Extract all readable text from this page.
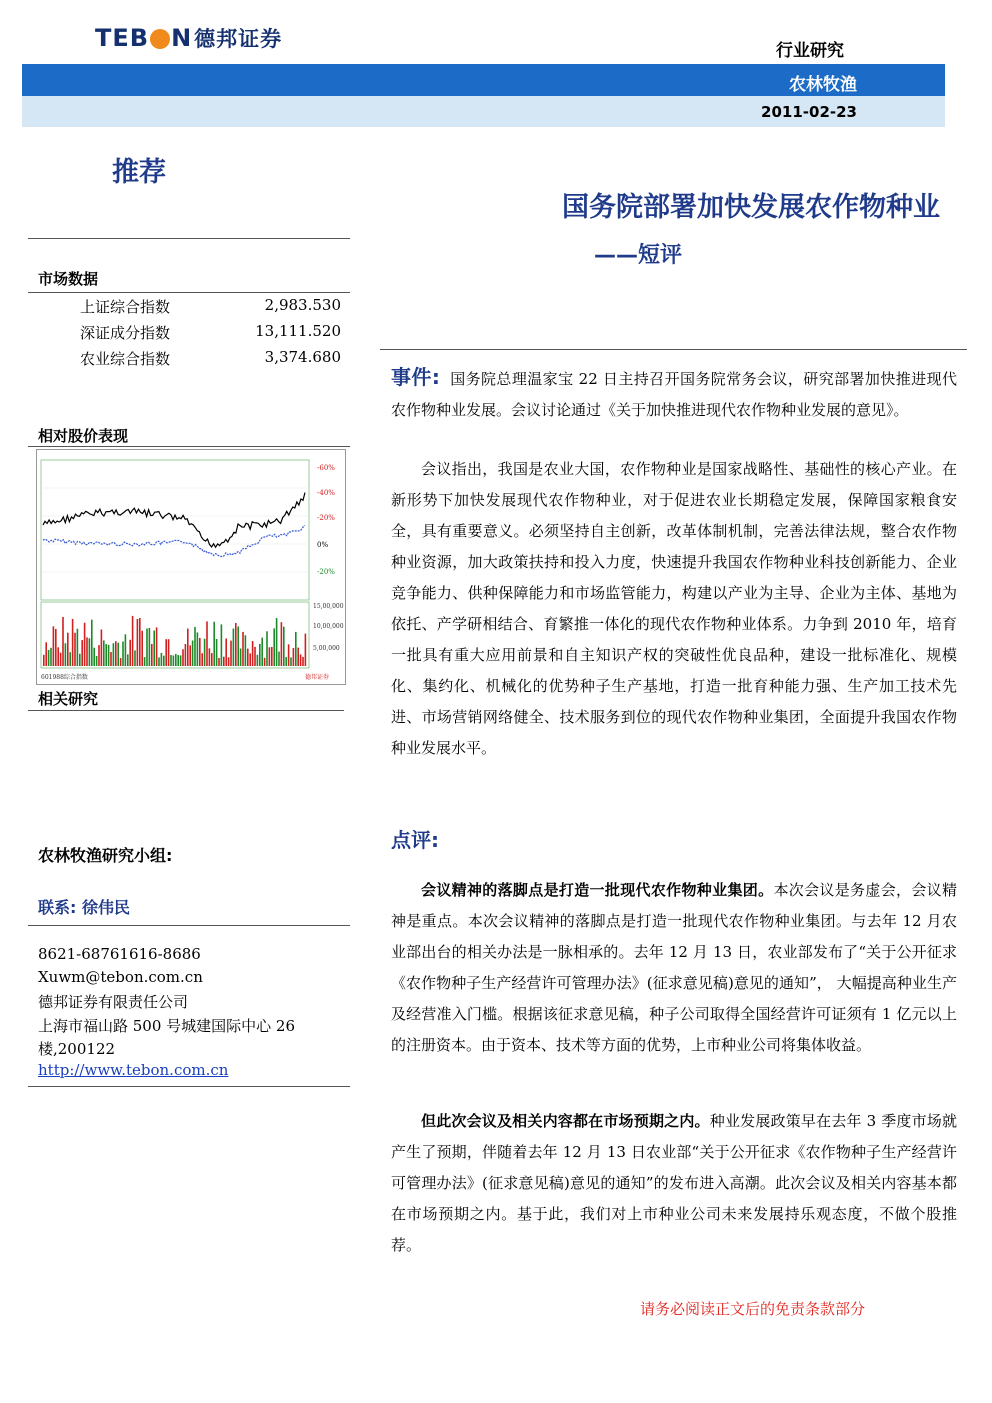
TEB N 德邦证券	行业研究
农林牧渔
2011-02-23
推荐
市场数据
上证综合指数	2,983.530
深证成分指数	13,111.520
农业综合指数	3,374.680
相对股价表现
-60%
-40%
-20%
0%
-20%
15,00,000
10,00,000
5,00,000
601988综合指数	德邦证券
相关研究
农林牧渔研究小组:
联系: 徐伟民
8621-68761616-8686
Xuwm@tebon.com.cn
德邦证券有限责任公司
上海市福山路 500 号城建国际中心 26
楼,200122
http://www.tebon.com.cn
国务院部署加快发展农作物种业
——短评
事件: 国务院总理温家宝 22 日主持召开国务院常务会议，研究部署加快推进现代农作物种业发展。会议讨论通过《关于加快推进现代农作物种业发展的意见》。
会议指出，我国是农业大国，农作物种业是国家战略性、基础性的核心产业。在新形势下加快发展现代农作物种业，对于促进农业长期稳定发展，保障国家粮食安全，具有重要意义。必须坚持自主创新，改革体制机制，完善法律法规，整合农作物种业资源，加大政策扶持和投入力度，快速提升我国农作物种业科技创新能力、企业竞争能力、供种保障能力和市场监管能力，构建以产业为主导、企业为主体、基地为依托、产学研相结合、育繁推一体化的现代农作物种业体系。力争到 2010 年，培育一批具有重大应用前景和自主知识产权的突破性优良品种，建设一批标准化、规模化、集约化、机械化的优势种子生产基地，打造一批育种能力强、生产加工技术先进、市场营销网络健全、技术服务到位的现代农作物种业集团，全面提升我国农作物种业发展水平。
点评:
会议精神的落脚点是打造一批现代农作物种业集团。本次会议是务虚会，会议精神是重点。本次会议精神的落脚点是打造一批现代农作物种业集团。与去年 12 月农业部出台的相关办法是一脉相承的。去年 12 月 13 日，农业部发布了“关于公开征求《农作物种子生产经营许可管理办法》(征求意见稿)意见的通知”， 大幅提高种业生产及经营准入门槛。根据该征求意见稿，种子公司取得全国经营许可证须有 1 亿元以上的注册资本。由于资本、技术等方面的优势，上市种业公司将集体收益。
但此次会议及相关内容都在市场预期之内。种业发展政策早在去年 3 季度市场就产生了预期，伴随着去年 12 月 13 日农业部“关于公开征求《农作物种子生产经营许可管理办法》(征求意见稿)意见的通知”的发布进入高潮。此次会议及相关内容基本都在市场预期之内。基于此，我们对上市种业公司未来发展持乐观态度，不做个股推荐。
请务必阅读正文后的免责条款部分
